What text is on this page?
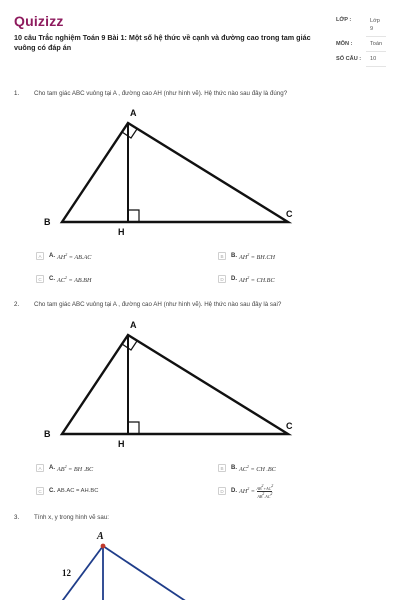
Quizizz
10 câu Trắc nghiệm Toán 9 Bài 1: Một số hệ thức về cạnh và đường cao trong tam giác vuông có đáp án
LỚP :	Lớp 9
MÔN :	Toán
SỐ CÂU : 10
1. Cho tam giác ABC vuông tại A , đường cao AH (như hình vẽ). Hệ thức nào sau đây là đúng?
A
B
C
H
A	A. $AH^2 = AB.AC$	B	B. $AH^2 = BH.CH$
C	C. $AC^2 = AB.BH$	D	D. $AH^2 = CH.BC$
2. Cho tam giác ABC vuông tại A , đường cao AH (như hình vẽ). Hệ thức nào sau đây là sai?
A
B
C
H
A	A. $AB^2$ = BH .BC	B	B. $AC^2$ = CH .BC
C	C. AB.AC = AH.BC	D	D. $AH^2 = \frac{AB^2+AC^2}{AB^2.AC^2}$
3. Tính x, y trong hình vẽ sau:
A
12
